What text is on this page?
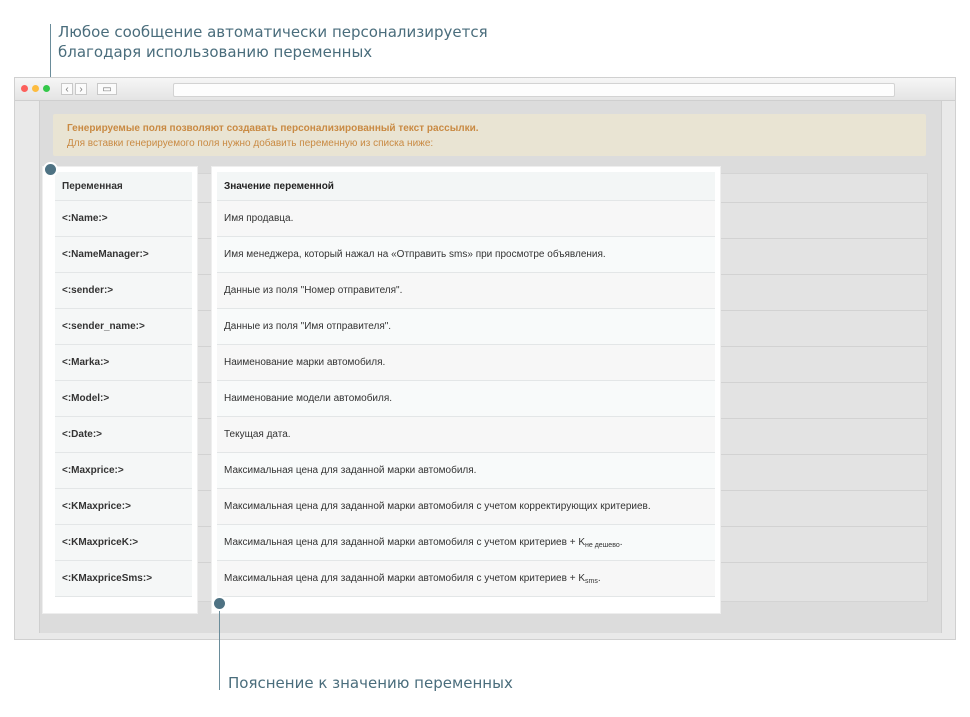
Любое сообщение автоматически персонализируется
благодаря использованию переменных
‹	›	▭
Генерируемые поля позволяют создавать персонализированный текст рассылки.
Для вставки генерируемого поля нужно добавить переменную из списка ниже:
Переменная
<:Name:>
<:NameManager:>
<:sender:>
<:sender_name:>
<:Marka:>
<:Model:>
<:Date:>
<:Maxprice:>
<:KMaxprice:>
<:KMaxpriceK:>
<:KMaxpriceSms:>
Значение переменной
Имя продавца.
Имя менеджера, который нажал на «Отправить sms» при просмотре объявления.
Данные из поля "Номер отправителя".
Данные из поля "Имя отправителя".
Наименование марки автомобиля.
Наименование модели автомобиля.
Текущая дата.
Максимальная цена для заданной марки автомобиля.
Максимальная цена для заданной марки автомобиля с учетом корректирующих критериев.
Максимальная цена для заданной марки автомобиля с учетом критериев + $K_{не дешево}$.
Максимальная цена для заданной марки автомобиля с учетом критериев + $K_{sms}$.
Пояснение к значению переменных
